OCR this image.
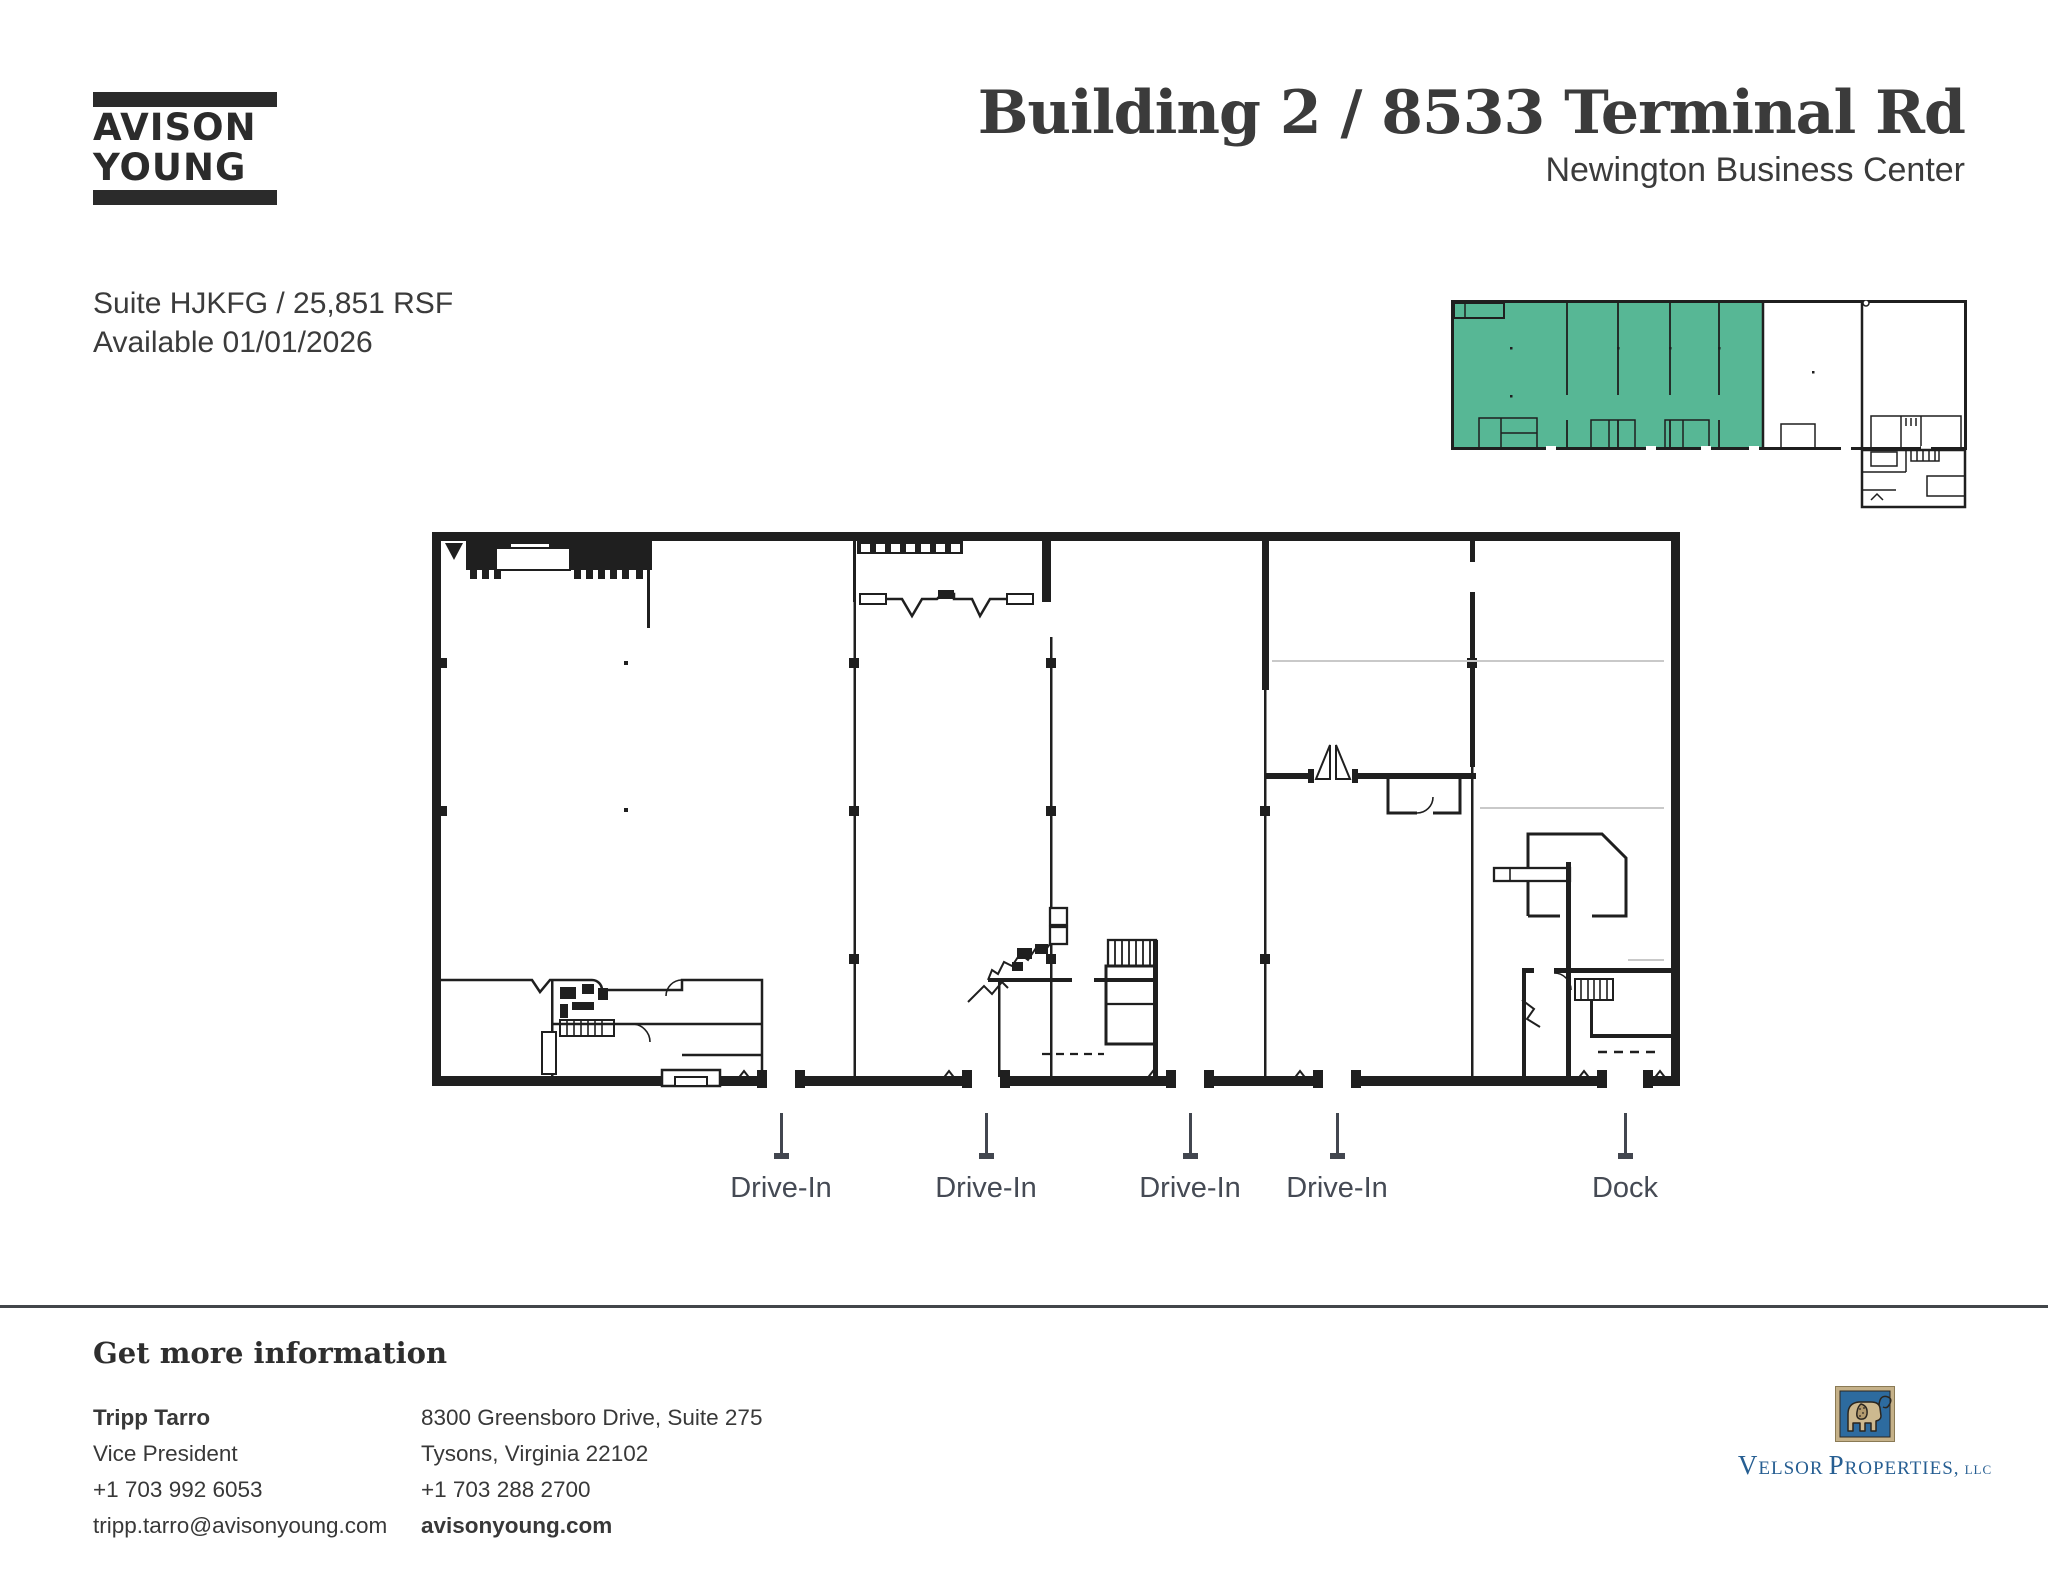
AVISON
YOUNG
Building 2 / 8533 Terminal Rd
Newington Business Center
Suite HJKFG / 25,851 RSF
Available 01/01/2026
Drive-In	Drive-In	Drive-In	Drive-In	Dock
Get more information
Tripp Tarro
Vice President
+1 703 992 6053
tripp.tarro@avisonyoung.com
8300 Greensboro Drive, Suite 275
Tysons, Virginia 22102
+1 703 288 2700
avisonyoung.com
VELSOR PROPERTIES, LLC
